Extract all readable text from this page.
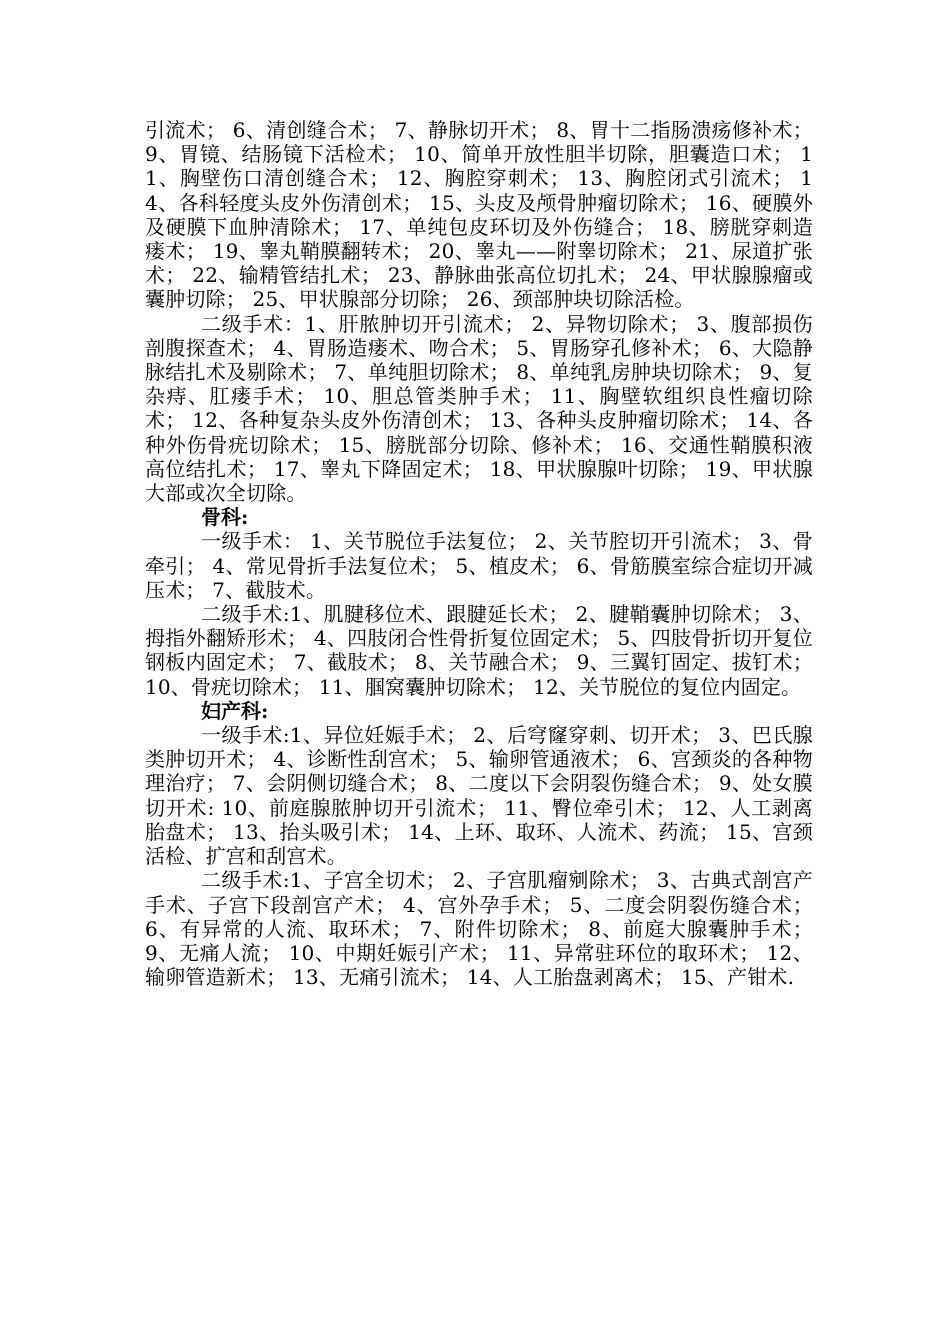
引流术； 6、清创缝合术； 7、静脉切开术； 8、胃十二指肠溃疡修补术； 9、胃镜、结肠镜下活检术； 10、简单开放性胆半切除，胆囊造口术； 11、胸壁伤口清创缝合术； 12、胸腔穿刺术； 13、胸腔闭式引流术； 14、各科轻度头皮外伤清创术； 15、头皮及颅骨肿瘤切除术； 16、硬膜外及硬膜下血肿清除术； 17、单纯包皮环切及外伤缝合； 18、膀胱穿刺造瘘术； 19、睾丸鞘膜翻转术； 20、睾丸——附睾切除术； 21、尿道扩张术； 22、输精管结扎术； 23、静脉曲张高位切扎术； 24、甲状腺腺瘤或囊肿切除； 25、甲状腺部分切除； 26、颈部肿块切除活检。

二级手术：1、肝脓肿切开引流术； 2、异物切除术； 3、腹部损伤剖腹探查术； 4、胃肠造瘘术、吻合术； 5、胃肠穿孔修补术； 6、大隐静脉结扎术及剔除术； 7、单纯胆切除术； 8、单纯乳房肿块切除术； 9、复杂痔、肛瘘手术； 10、胆总管类肿手术； 11、胸壁软组织良性瘤切除术； 12、各种复杂头皮外伤清创术； 13、各种头皮肿瘤切除术； 14、各种外伤骨疣切除术； 15、膀胱部分切除、修补术； 16、交通性鞘膜积液高位结扎术； 17、睾丸下降固定术； 18、甲状腺腺叶切除； 19、甲状腺大部或次全切除。

骨科:

一级手术： 1、关节脱位手法复位； 2、关节腔切开引流术； 3、骨牵引； 4、常见骨折手法复位术； 5、植皮术； 6、骨筋膜室综合症切开减压术； 7、截肢术。

二级手术:1、肌腱移位术、跟腱延长术； 2、腱鞘囊肿切除术； 3、拇指外翻矫形术； 4、四肢闭合性骨折复位固定术； 5、四肢骨折切开复位钢板内固定术； 7、截肢术； 8、关节融合术； 9、三翼钉固定、拔钉术； 10、骨疣切除术； 11、腘窝囊肿切除术； 12、关节脱位的复位内固定。

妇产科:

一级手术:1、异位妊娠手术； 2、后穹窿穿刺、切开术； 3、巴氏腺类肿切开术； 4、诊断性刮宫术； 5、输卵管通液术； 6、宫颈炎的各种物理治疗； 7、会阴侧切缝合术； 8、二度以下会阴裂伤缝合术； 9、处女膜切开术: 10、前庭腺脓肿切开引流术； 11、臀位牵引术； 12、人工剥离胎盘术； 13、抬头吸引术； 14、上环、取环、人流术、药流； 15、宫颈活检、扩宫和刮宫术。

二级手术:1、子宫全切术； 2、子宫肌瘤剜除术； 3、古典式剖宫产手术、子宫下段剖宫产术； 4、宫外孕手术； 5、二度会阴裂伤缝合术； 6、有异常的人流、取环术； 7、附件切除术； 8、前庭大腺囊肿手术； 9、无痛人流； 10、中期妊娠引产术； 11、异常驻环位的取环术； 12、输卵管造新术； 13、无痛引流术； 14、人工胎盘剥离术； 15、产钳术.
